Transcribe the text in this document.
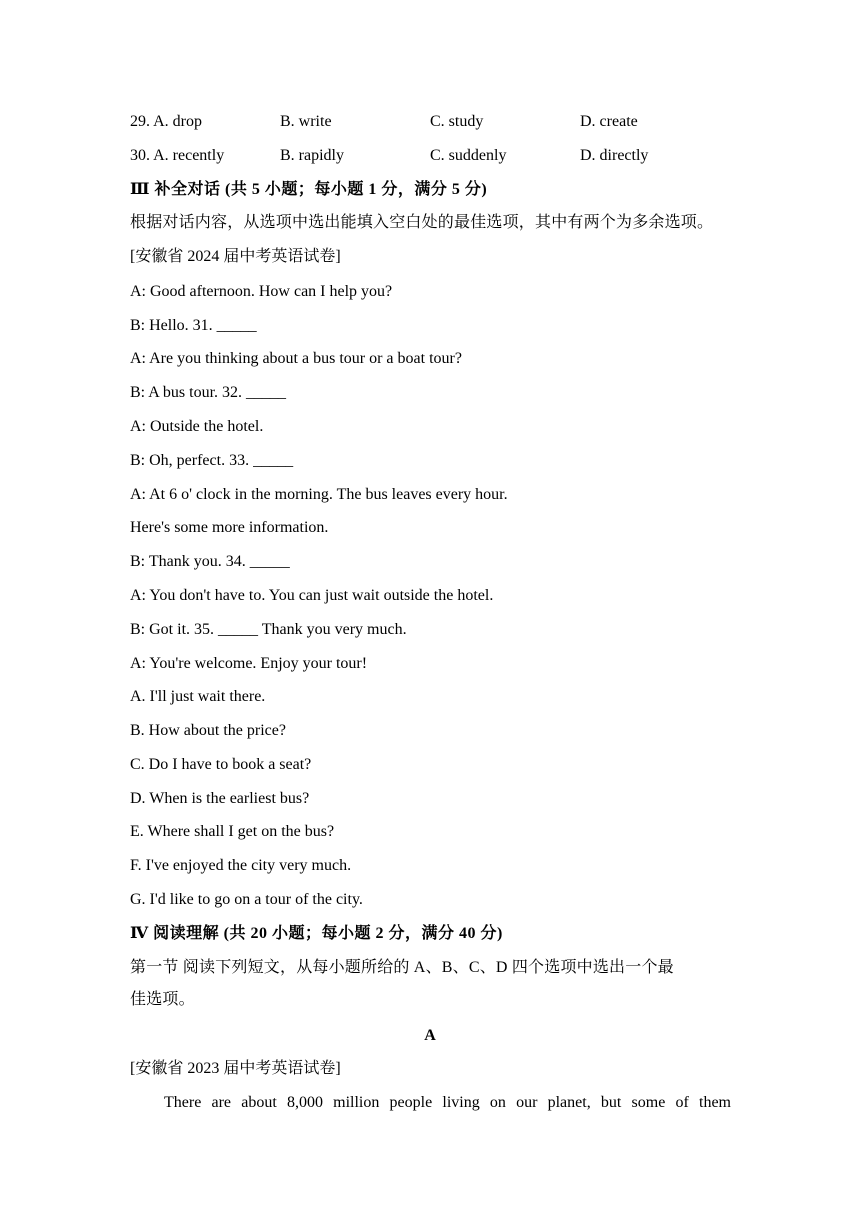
29. A. drop	B. write	C. study	D. create
30. A. recently	B. rapidly	C. suddenly	D. directly
Ⅲ 补全对话 (共 5 小题；每小题 1 分，满分 5 分)
根据对话内容，从选项中选出能填入空白处的最佳选项，其中有两个为多余选项。
[安徽省 2024 届中考英语试卷]
A: Good afternoon. How can I help you?
B: Hello. 31. _____
A: Are you thinking about a bus tour or a boat tour?
B: A bus tour. 32. _____
A: Outside the hotel.
B: Oh, perfect. 33. _____
A: At 6 o' clock in the morning. The bus leaves every hour.
Here's some more information.
B: Thank you. 34. _____
A: You don't have to. You can just wait outside the hotel.
B: Got it. 35. _____ Thank you very much.
A: You're welcome. Enjoy your tour!
A. I'll just wait there.
B. How about the price?
C. Do I have to book a seat?
D. When is the earliest bus?
E. Where shall I get on the bus?
F. I've enjoyed the city very much.
G. I'd like to go on a tour of the city.
Ⅳ 阅读理解 (共 20 小题；每小题 2 分，满分 40 分)
第一节 阅读下列短文，从每小题所给的 A、B、C、D 四个选项中选出一个最
佳选项。
A
[安徽省 2023 届中考英语试卷]
There are about 8,000 million people living on our planet, but some of them
